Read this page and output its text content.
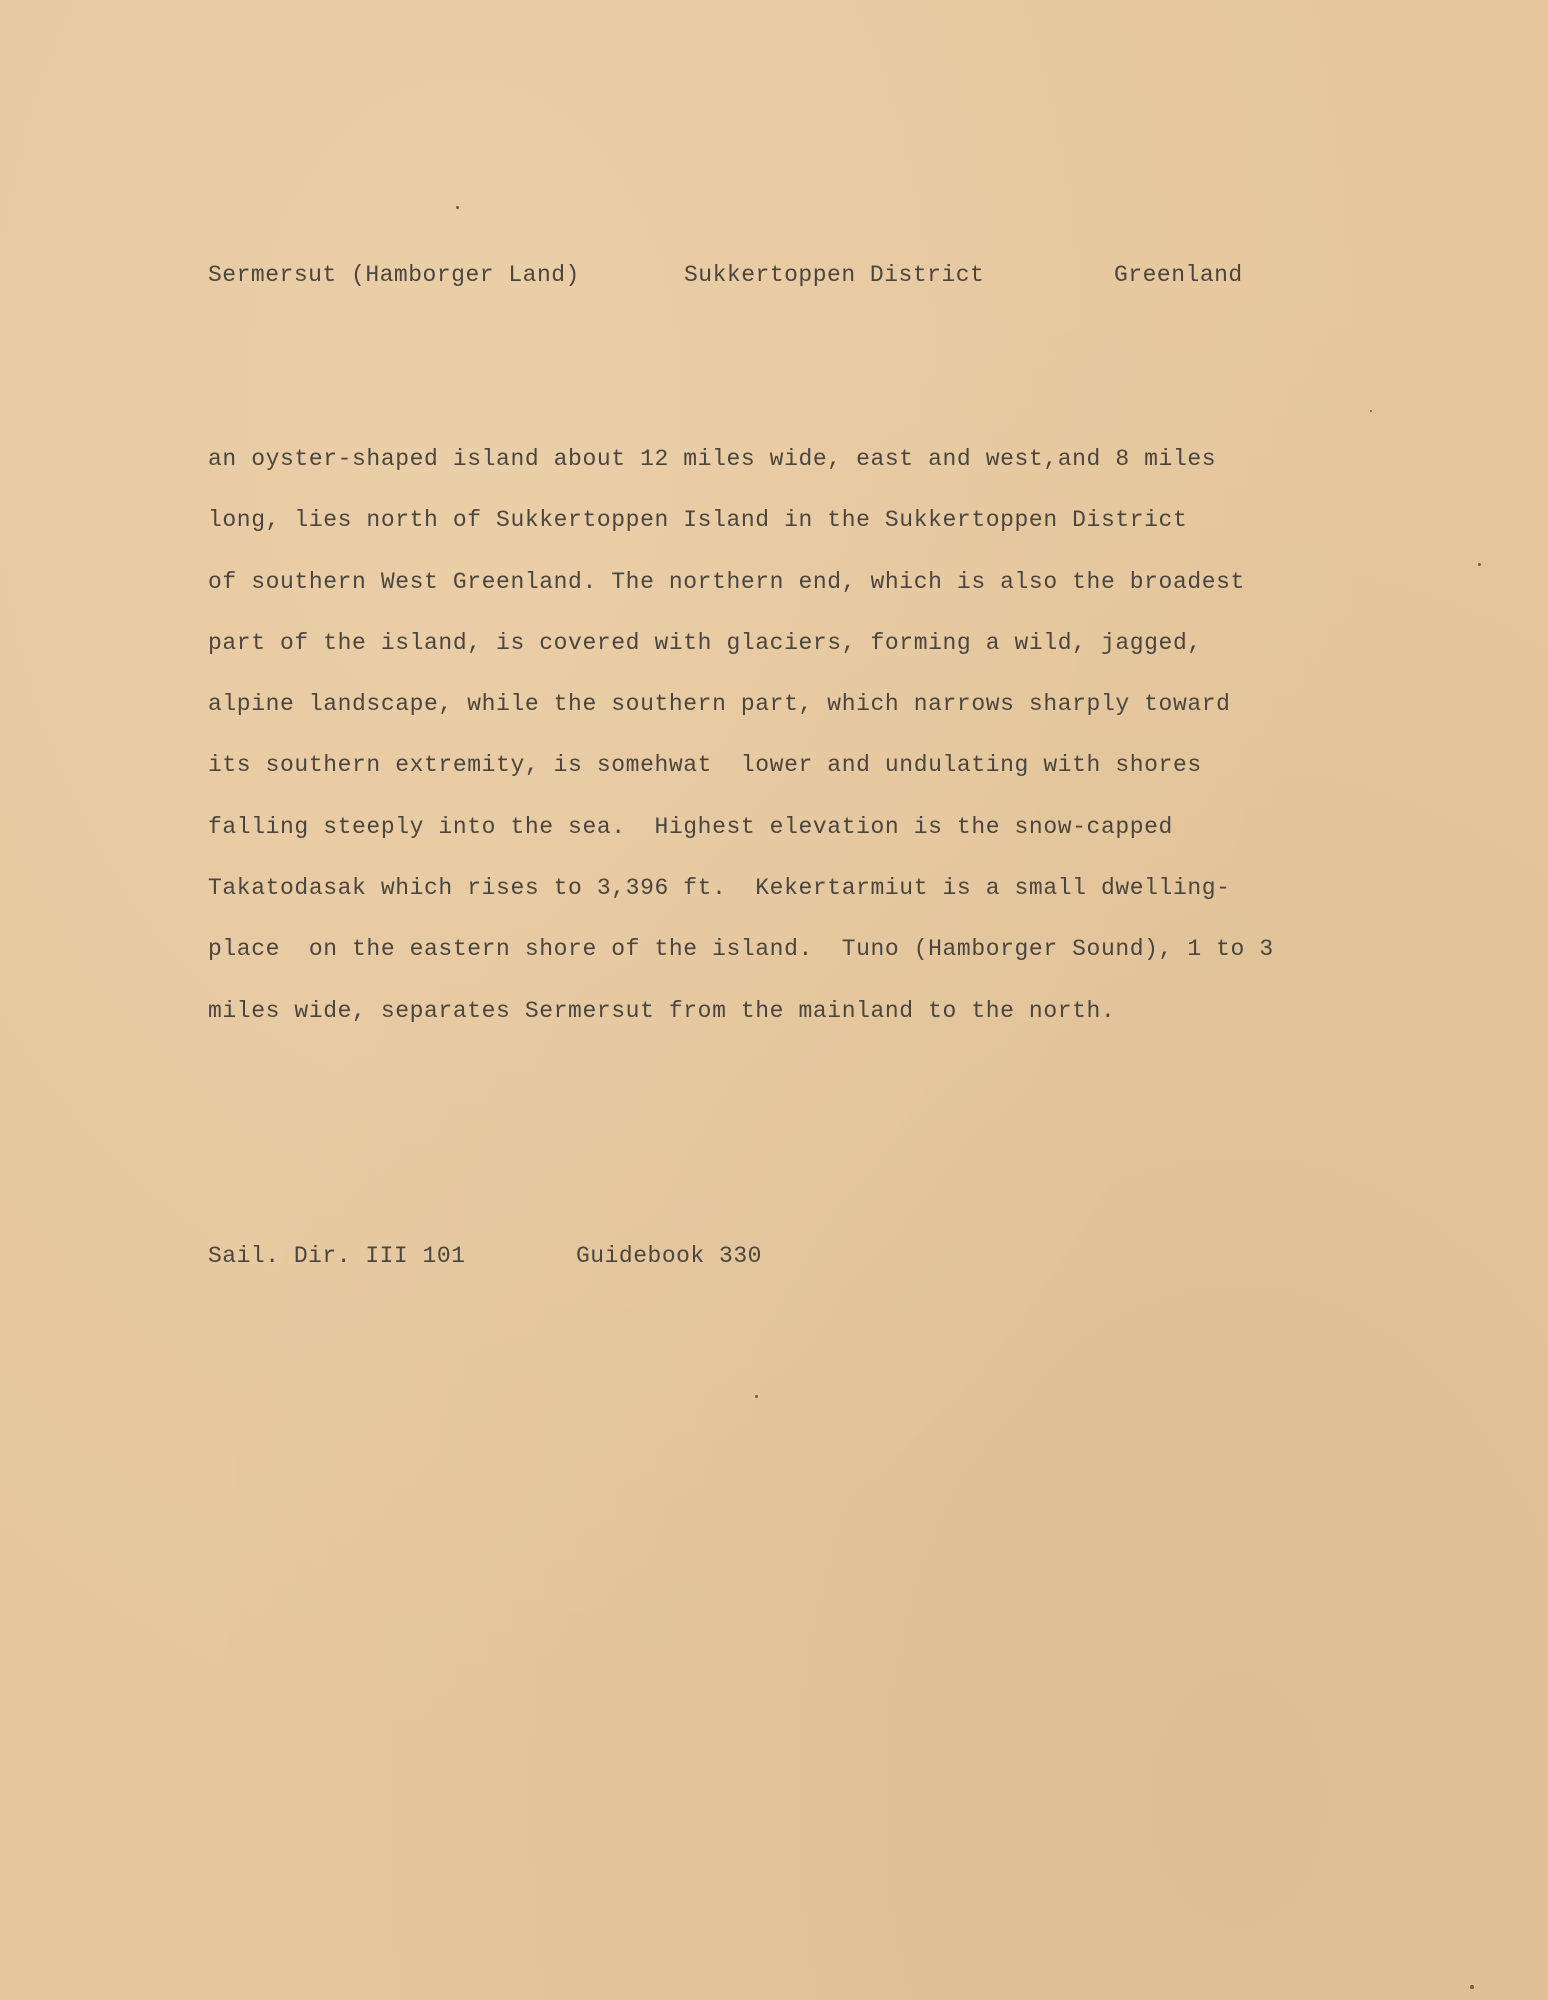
Sermersut (Hamborger Land)	Sukkertoppen District	Greenland
an oyster-shaped island about 12 miles wide, east and west,and 8 miles
long, lies north of Sukkertoppen Island in the Sukkertoppen District
of southern West Greenland. The northern end, which is also the broadest
part of the island, is covered with glaciers, forming a wild, jagged,
alpine landscape, while the southern part, which narrows sharply toward
its southern extremity, is somehwat  lower and undulating with shores
falling steeply into the sea.  Highest elevation is the snow-capped
Takatodasak which rises to 3,396 ft.  Kekertarmiut is a small dwelling-
place  on the eastern shore of the island.  Tuno (Hamborger Sound), 1 to 3
miles wide, separates Sermersut from the mainland to the north.
Sail. Dir. III 101	Guidebook 330
